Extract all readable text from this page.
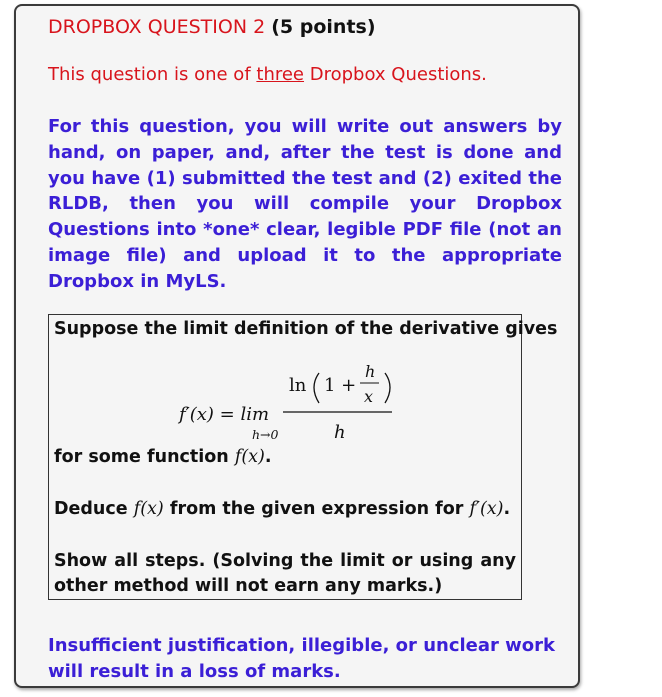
DROPBOX QUESTION 2 (5 points)
This question is one of three Dropbox Questions.
For this question, you will write out answers by hand, on paper, and, after the test is done and you have (1) submitted the test and (2) exited the RLDB, then you will compile your Dropbox Questions into *one* clear, legible PDF file (not an image file) and upload it to the appropriate Dropbox in MyLS.
Suppose the limit definition of the derivative gives
f′(x) = lim
h→0
ln 1 +
h
x
h
for some function f(x).
Deduce f(x) from the given expression for f′(x).
Show all steps. (Solving the limit or using any other method will not earn any marks.)
Insufficient justification, illegible, or unclear work will result in a loss of marks.
